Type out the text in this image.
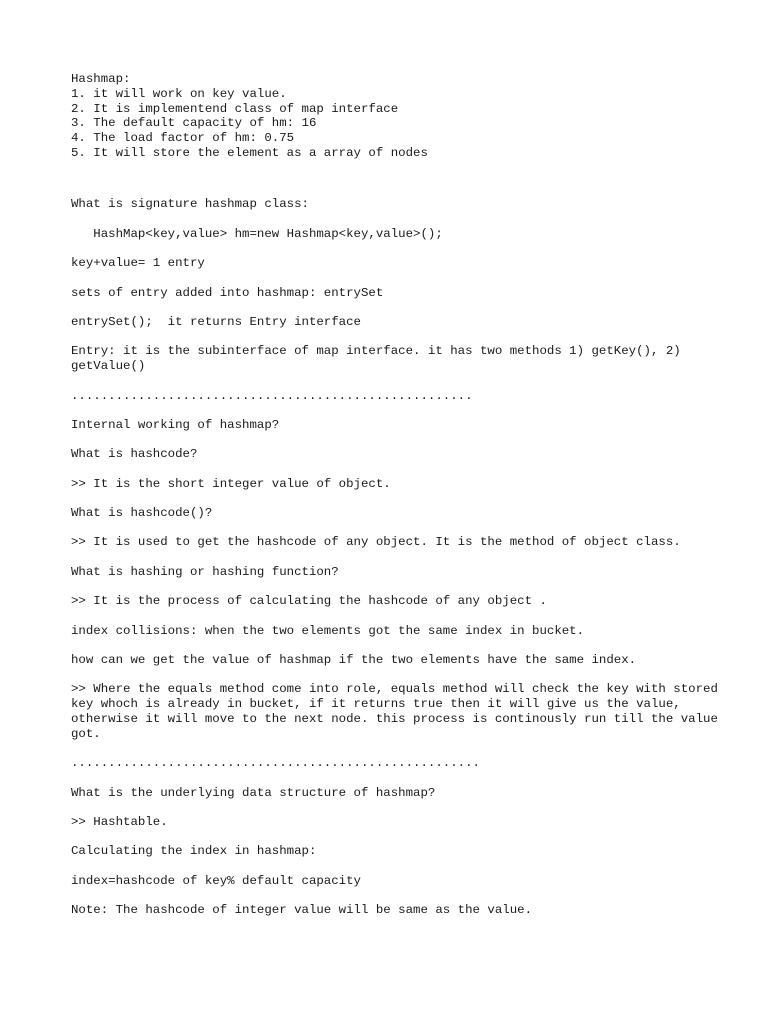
Hashmap:
1. it will work on key value.
2. It is implementend class of map interface
3. The default capacity of hm: 16
4. The load factor of hm: 0.75
5. It will store the element as a array of nodes
What is signature hashmap class:
HashMap<key,value> hm=new Hashmap<key,value>();
key+value= 1 entry
sets of entry added into hashmap: entrySet
entrySet();  it returns Entry interface
Entry: it is the subinterface of map interface. it has two methods 1) getKey(), 2) getValue()
......................................................
Internal working of hashmap?
What is hashcode?
>> It is the short integer value of object.
What is hashcode()?
>> It is used to get the hashcode of any object. It is the method of object class.
What is hashing or hashing function?
>> It is the process of calculating the hashcode of any object .
index collisions: when the two elements got the same index in bucket.
how can we get the value of hashmap if the two elements have the same index.
>> Where the equals method come into role, equals method will check the key with stored key whoch is already in bucket, if it returns true then it will give us the value, otherwise it will move to the next node. this process is continously run till the value got.
.......................................................
What is the underlying data structure of hashmap?
>> Hashtable.
Calculating the index in hashmap:
index=hashcode of key% default capacity
Note: The hashcode of integer value will be same as the value.
